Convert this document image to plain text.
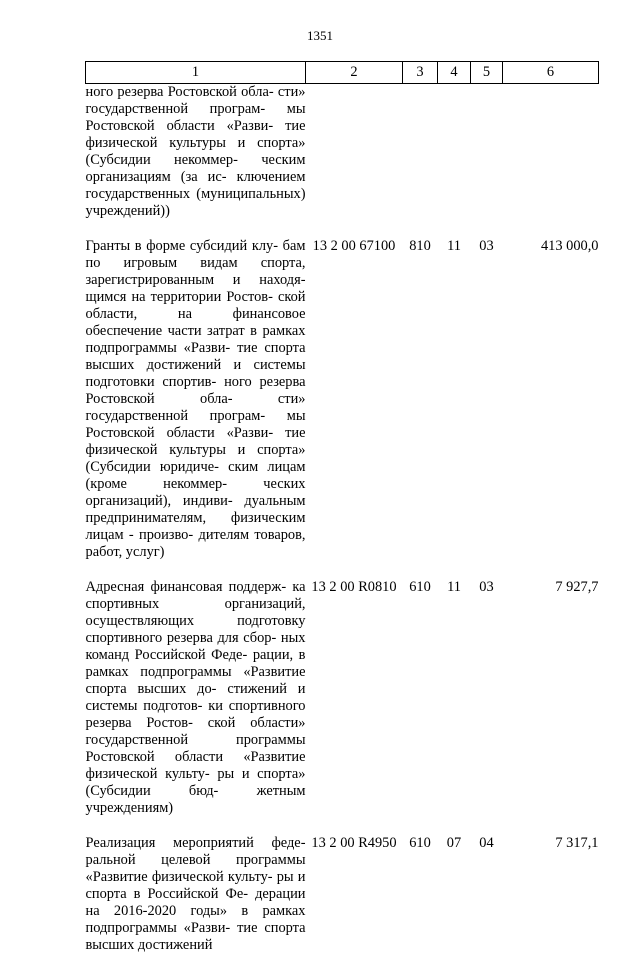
1351
1	2	3	4	5	6
ного резерва Ростовской обла- сти» государственной програм- мы Ростовской области «Разви- тие физической культуры и спорта» (Субсидии некоммер- ческим организациям (за ис- ключением государственных (муниципальных) учреждений))					
Гранты в форме субсидий клу- бам по игровым видам спорта, зарегистрированным и находя- щимся на территории Ростов- ской области, на финансовое обеспечение части затрат в рамках подпрограммы «Разви- тие спорта высших достижений и системы подготовки спортив- ного резерва Ростовской обла- сти» государственной програм- мы Ростовской области «Разви- тие физической культуры и спорта» (Субсидии юридиче- ским лицам (кроме некоммер- ческих организаций), индиви- дуальным предпринимателям, физическим лицам - произво- дителям товаров, работ, услуг)	13 2 00 67100	810	11	03	413 000,0
Адресная финансовая поддерж- ка спортивных организаций, осуществляющих подготовку спортивного резерва для сбор- ных команд Российской Феде- рации, в рамках подпрограммы «Развитие спорта высших до- стижений и системы подготов- ки спортивного резерва Ростов- ской области» государственной программы Ростовской области «Развитие физической культу- ры и спорта» (Субсидии бюд- жетным учреждениям)	13 2 00 R0810	610	11	03	7 927,7
Реализация мероприятий феде- ральной целевой программы «Развитие физической культу- ры и спорта в Российской Фе- дерации на 2016-2020 годы» в рамках подпрограммы «Разви- тие спорта высших достижений	13 2 00 R4950	610	07	04	7 317,1
